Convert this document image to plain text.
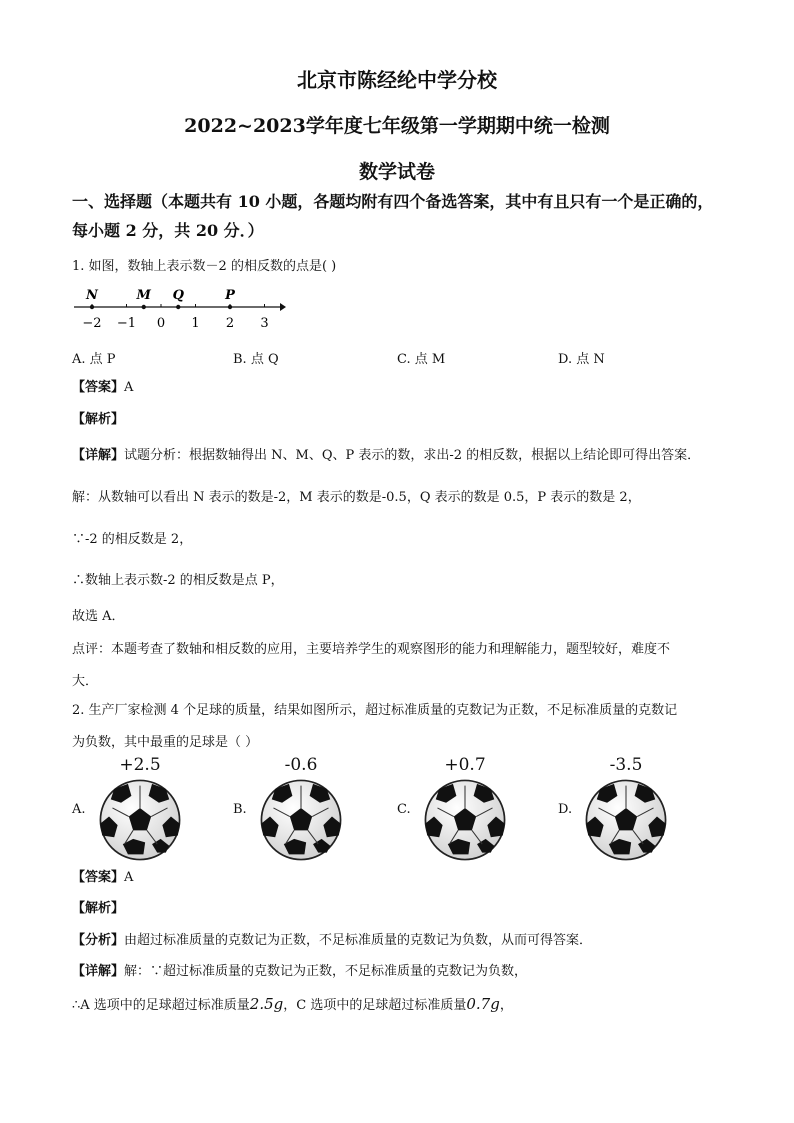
北京市陈经纶中学分校
2022~2023学年度七年级第一学期期中统一检测
数学试卷
一、选择题（本题共有 10 小题，各题均附有四个备选答案，其中有且只有一个是正确的，
每小题 2 分，共 20 分．）
1. 如图，数轴上表示数－2 的相反数的点是( )
−2 −1 0 1 2 3
N	M Q	P
A. 点 P	B. 点 Q	C. 点 M	D. 点 N
【答案】A
【解析】
【详解】试题分析：根据数轴得出 N、M、Q、P 表示的数，求出-2 的相反数，根据以上结论即可得出答案．
解：从数轴可以看出 N 表示的数是-2，M 表示的数是-0.5，Q 表示的数是 0.5，P 表示的数是 2，
∵-2 的相反数是 2，
∴数轴上表示数-2 的相反数是点 P，
故选 A．
点评：本题考查了数轴和相反数的应用，主要培养学生的观察图形的能力和理解能力，题型较好，难度不
大．
2. 生产厂家检测 4 个足球的质量，结果如图所示，超过标准质量的克数记为正数，不足标准质量的克数记
为负数，其中最重的足球是（ ）
A.
+2.5
B.
-0.6
C.
+0.7
D.
-3.5
【答案】A
【解析】
【分析】由超过标准质量的克数记为正数，不足标准质量的克数记为负数，从而可得答案．
【详解】解：∵超过标准质量的克数记为正数，不足标准质量的克数记为负数，
∴A 选项中的足球超过标准质量2.5g，C 选项中的足球超过标准质量0.7g，
